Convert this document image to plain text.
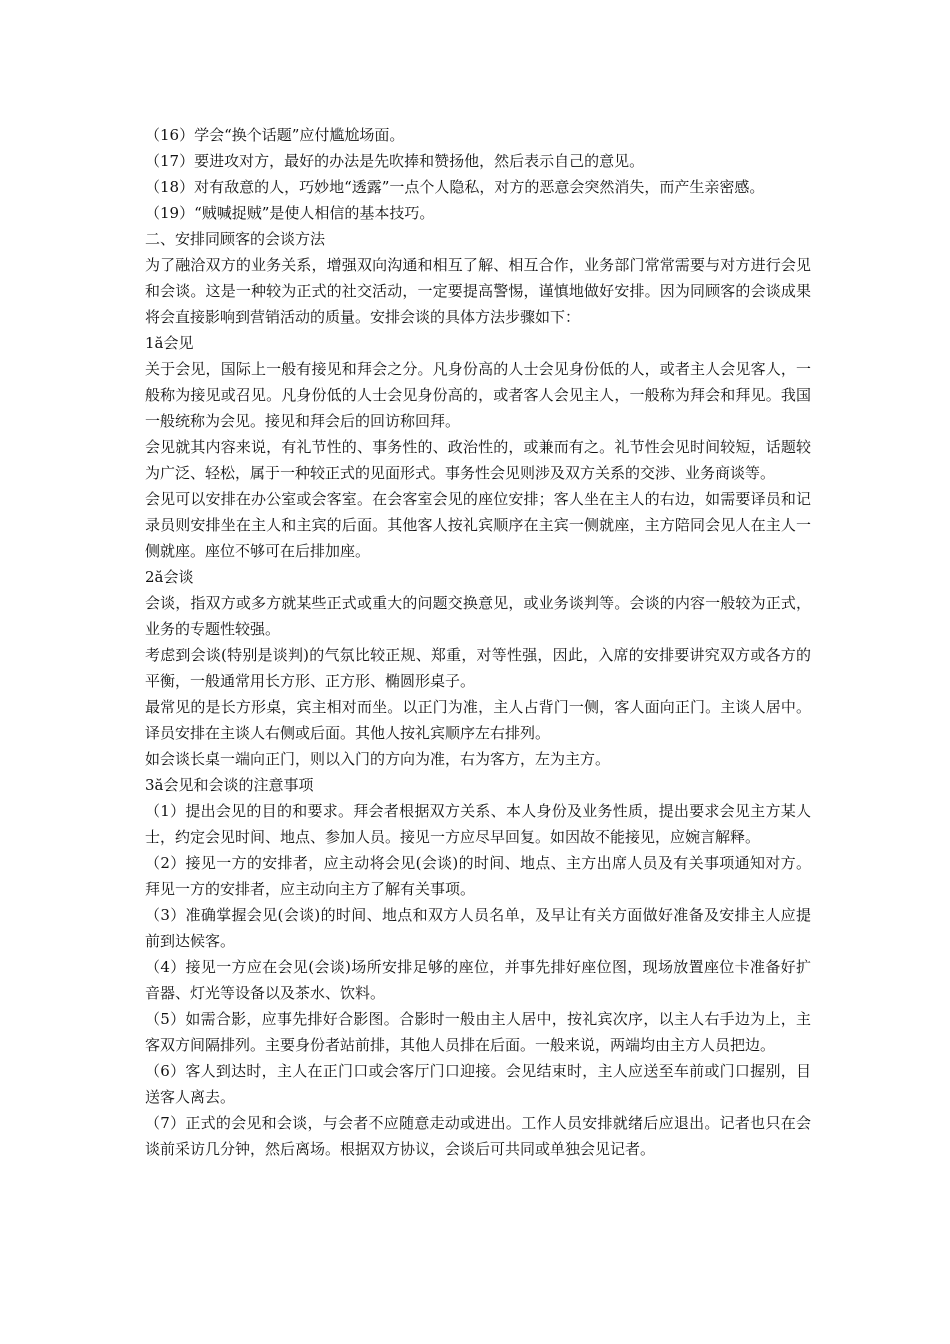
（16）学会“换个话题”应付尴尬场面。

（17）要进攻对方，最好的办法是先吹捧和赞扬他，然后表示自己的意见。

（18）对有敌意的人，巧妙地“透露”一点个人隐私，对方的恶意会突然消失，而产生亲密感。

（19）“贼喊捉贼”是使人相信的基本技巧。

二、安排同顾客的会谈方法

为了融洽双方的业务关系，增强双向沟通和相互了解、相互合作，业务部门常常需要与对方进行会见和会谈。这是一种较为正式的社交活动，一定要提高警惕，谨慎地做好安排。因为同顾客的会谈成果将会直接影响到营销活动的质量。安排会谈的具体方法步骤如下：

1ă会见

关于会见，国际上一般有接见和拜会之分。凡身份高的人士会见身份低的人，或者主人会见客人，一般称为接见或召见。凡身份低的人士会见身份高的，或者客人会见主人，一般称为拜会和拜见。我国一般统称为会见。接见和拜会后的回访称回拜。

会见就其内容来说，有礼节性的、事务性的、政治性的，或兼而有之。礼节性会见时间较短，话题较为广泛、轻松，属于一种较正式的见面形式。事务性会见则涉及双方关系的交涉、业务商谈等。

会见可以安排在办公室或会客室。在会客室会见的座位安排；客人坐在主人的右边，如需要译员和记录员则安排坐在主人和主宾的后面。其他客人按礼宾顺序在主宾一侧就座，主方陪同会见人在主人一侧就座。座位不够可在后排加座。

2ă会谈

会谈，指双方或多方就某些正式或重大的问题交换意见，或业务谈判等。会谈的内容一般较为正式，业务的专题性较强。

考虑到会谈(特别是谈判)的气氛比较正规、郑重，对等性强，因此，入席的安排要讲究双方或各方的平衡，一般通常用长方形、正方形、椭圆形桌子。

最常见的是长方形桌，宾主相对而坐。以正门为准，主人占背门一侧，客人面向正门。主谈人居中。译员安排在主谈人右侧或后面。其他人按礼宾顺序左右排列。

如会谈长桌一端向正门，则以入门的方向为准，右为客方，左为主方。

3ă会见和会谈的注意事项

（1）提出会见的目的和要求。拜会者根据双方关系、本人身份及业务性质，提出要求会见主方某人士，约定会见时间、地点、参加人员。接见一方应尽早回复。如因故不能接见，应婉言解释。

（2）接见一方的安排者，应主动将会见(会谈)的时间、地点、主方出席人员及有关事项通知对方。拜见一方的安排者，应主动向主方了解有关事项。

（3）准确掌握会见(会谈)的时间、地点和双方人员名单，及早让有关方面做好准备及安排主人应提前到达候客。

（4）接见一方应在会见(会谈)场所安排足够的座位，并事先排好座位图，现场放置座位卡准备好扩音器、灯光等设备以及茶水、饮料。

（5）如需合影，应事先排好合影图。合影时一般由主人居中，按礼宾次序，以主人右手边为上，主客双方间隔排列。主要身份者站前排，其他人员排在后面。一般来说，两端均由主方人员把边。

（6）客人到达时，主人在正门口或会客厅门口迎接。会见结束时，主人应送至车前或门口握别，目送客人离去。

（7）正式的会见和会谈，与会者不应随意走动或进出。工作人员安排就绪后应退出。记者也只在会谈前采访几分钟，然后离场。根据双方协议，会谈后可共同或单独会见记者。
